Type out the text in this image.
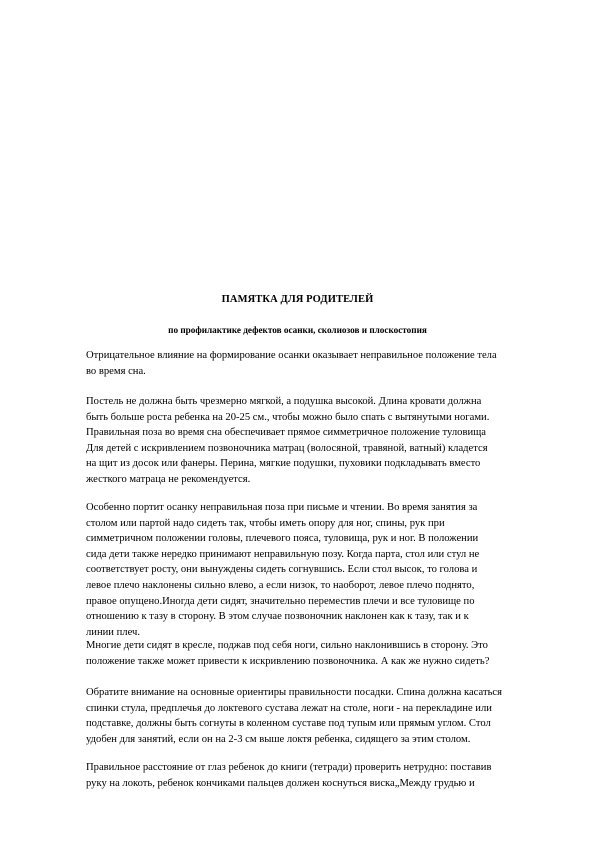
ПАМЯТКА ДЛЯ РОДИТЕЛЕЙ
по профилактике дефектов осанки, сколиозов и плоскостопия
Отрицательное влияние на формирование осанки оказывает неправильное положение тела
во время сна.
Постель не должна быть чрезмерно мягкой, а подушка высокой. Длина кровати должна
быть больше роста ребенка на 20-25 см., чтобы можно было спать с вытянутыми ногами.
Правильная поза во время сна обеспечивает прямое симметричное положение туловища
Для детей с искривлением позвоночника матрац (волосяной, травяной, ватный) кладется
на щит из досок или фанеры. Перина, мягкие подушки, пуховики подкладывать вместо
жесткого матраца не рекомендуется.
Особенно портит осанку неправильная поза при письме и чтении. Во время занятия за
столом или партой надо сидеть так, чтобы иметь опору для ног, спины, рук при
симметричном положении головы, плечевого пояса, туловища, рук и ног. В положении
сида дети также нередко принимают неправильную позу. Когда парта, стол или стул не
соответствует росту, они вынуждены сидеть согнувшись. Если стол высок, то голова и
левое плечо наклонены сильно влево, а если низок, то наоборот, левое плечо поднято,
правое опущено.Иногда дети сидят, значительно переместив плечи и все туловище по
отношению к тазу в сторону. В этом случае позвоночник наклонен как к тазу, так и к
линии плеч.
Многие дети сидят в кресле, поджав под себя ноги, сильно наклонившись в сторону. Это
положение также может привести к искривлению позвоночника. А как же нужно сидеть?
Обратите внимание на основные ориентиры правильности посадки. Спина должна касаться
спинки стула, предплечья до локтевого сустава лежат на столе, ноги - на перекладине или
подставке, должны быть согнуты в коленном суставе под тупым или прямым углом. Стол
удобен для занятий, если он на 2-3 см выше локтя ребенка, сидящего за этим столом.
Правильное расстояние от глаз ребенок до книги (тетради) проверить нетрудно: поставив
руку на локоть, ребенок кончиками пальцев должен коснуться виска„Между грудью и
